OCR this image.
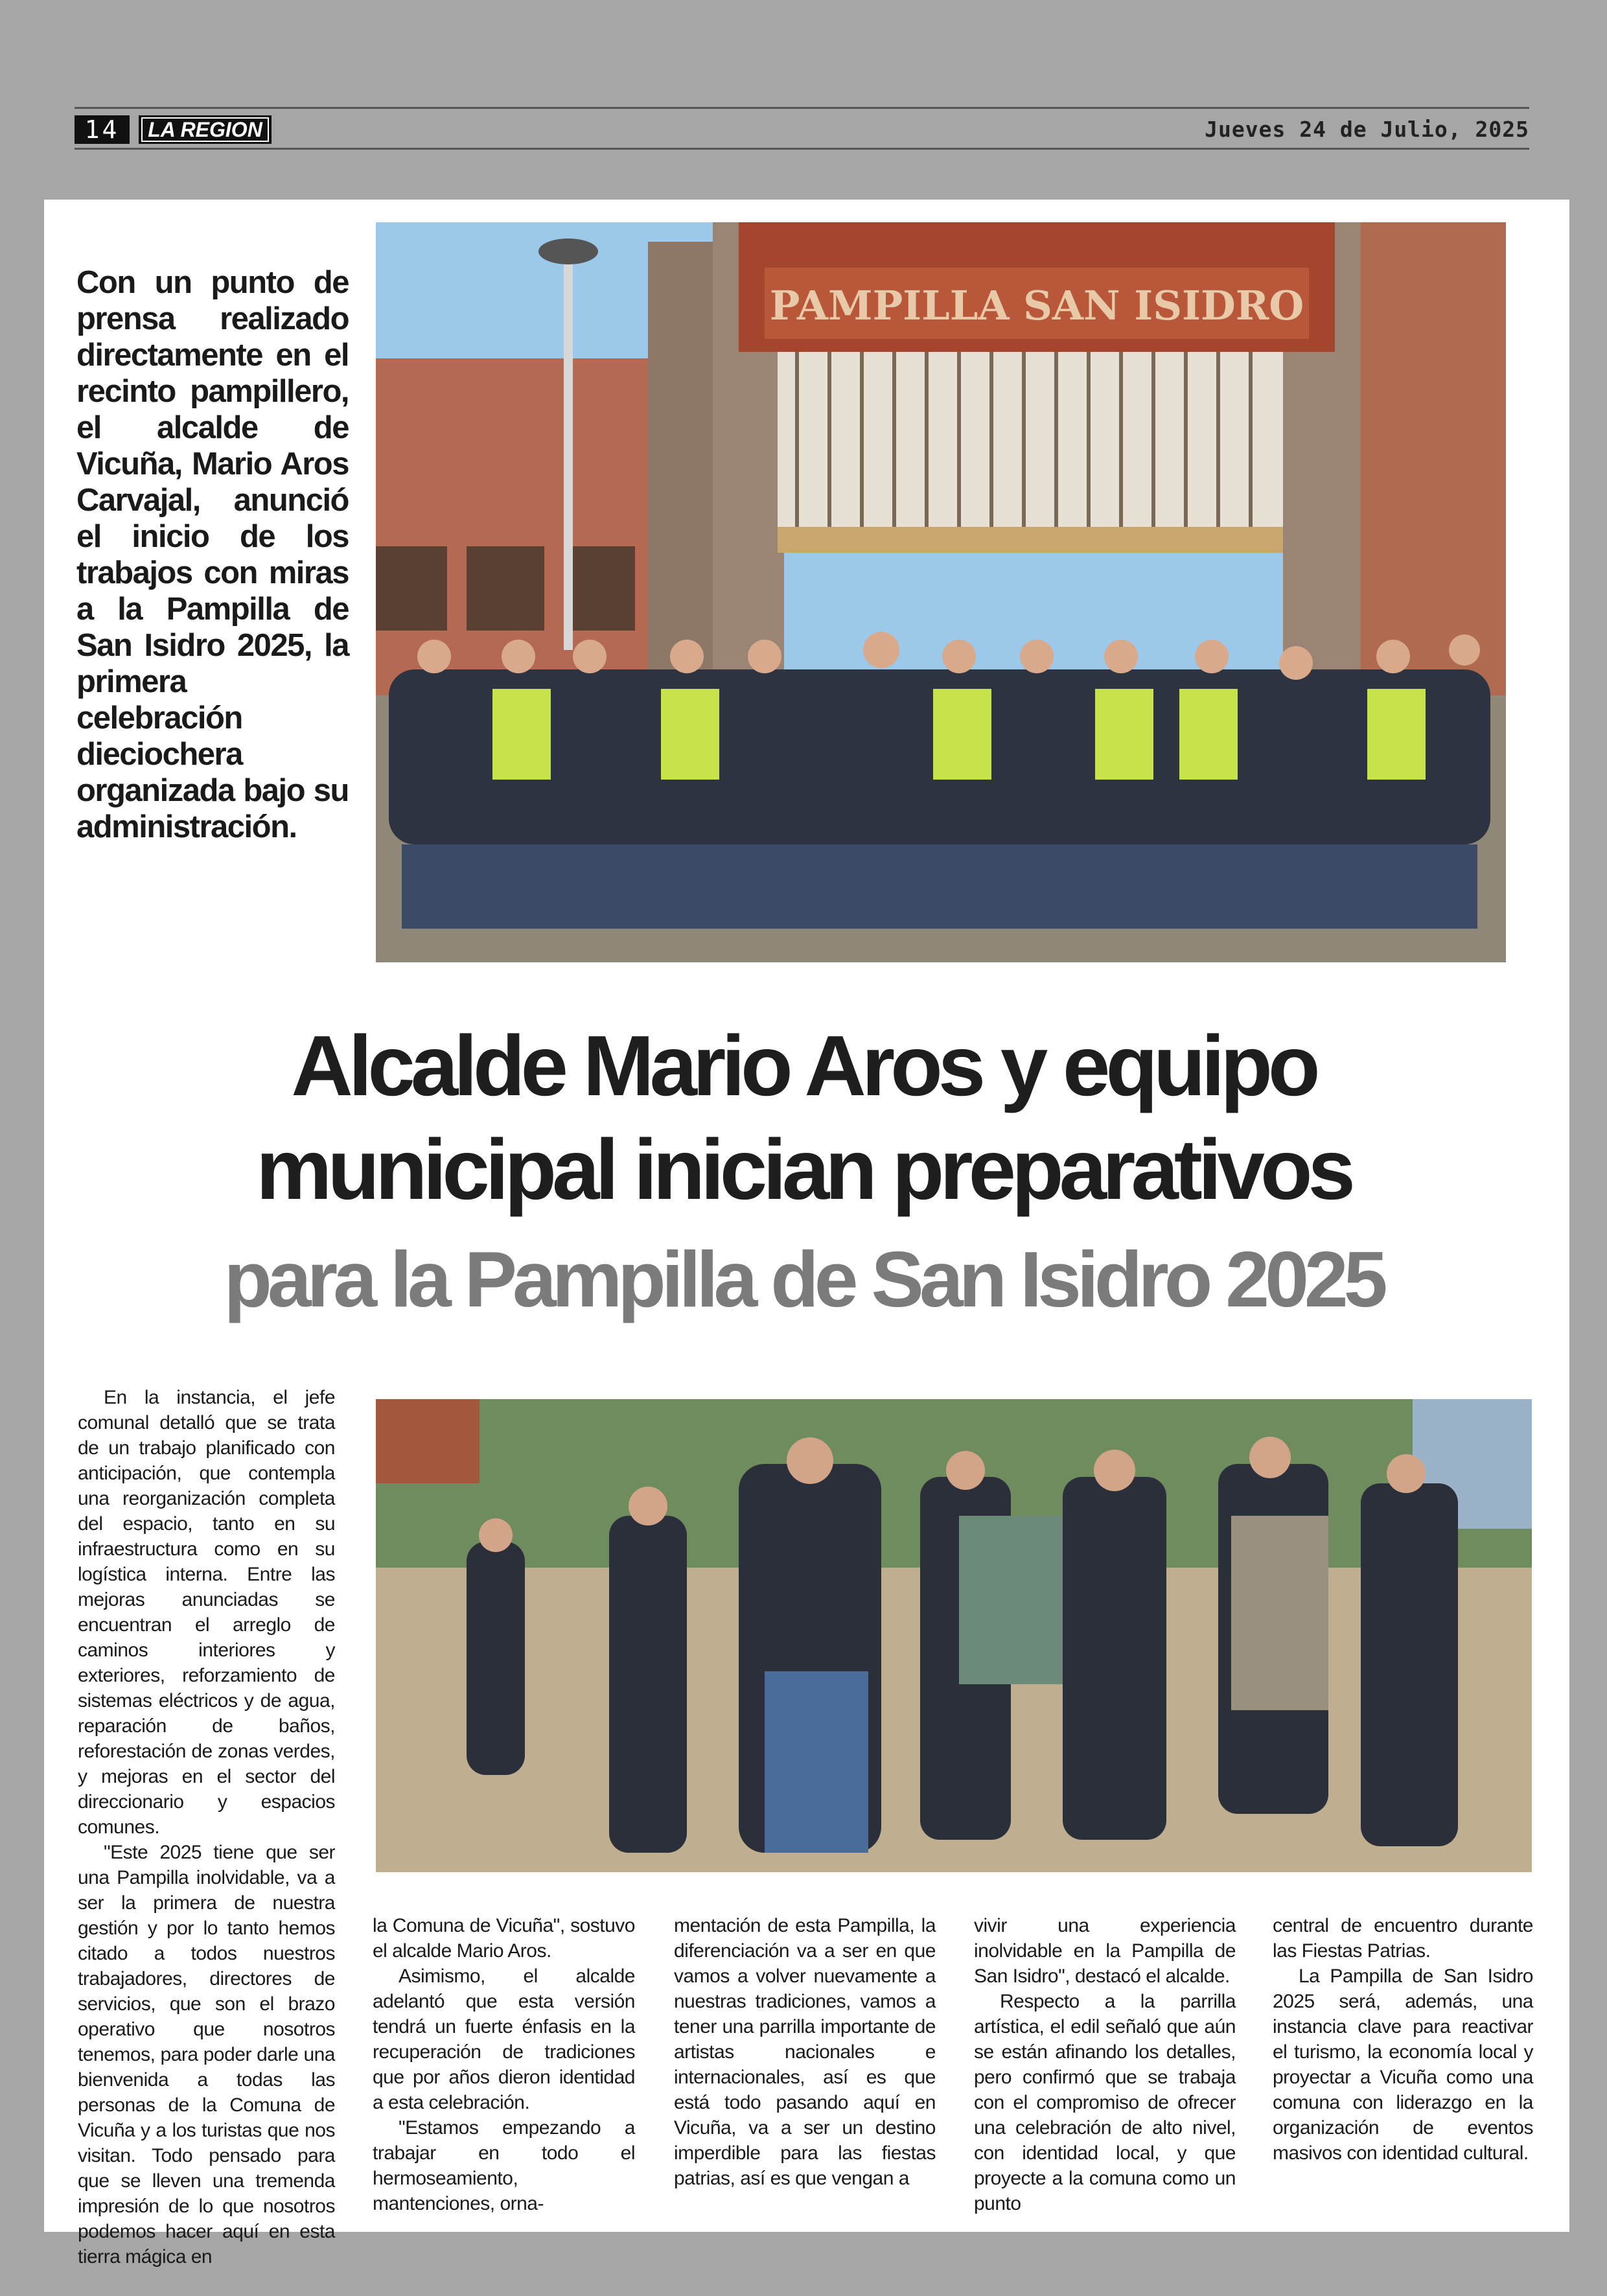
14	LA REGION	Jueves 24 de Julio, 2025
Con un punto de prensa realizado directamente en el recinto pampillero, el alcalde de Vicuña, Mario Aros Carvajal, anunció el inicio de los trabajos con miras a la Pampilla de San Isidro 2025, la primera celebración dieciochera organizada bajo su administración.
PAMPILLA SAN ISIDRO
Alcalde Mario Aros y equipo
municipal inician preparativos
para la Pampilla de San Isidro 2025

En la instancia, el jefe comunal detalló que se trata de un trabajo planificado con anticipación, que contempla una reorganización completa del espacio, tanto en su infraestructura como en su logística interna. Entre las mejoras anunciadas se encuentran el arreglo de caminos interiores y exteriores, reforzamiento de sistemas eléctricos y de agua, reparación de baños, reforestación de zonas verdes, y mejoras en el sector del direccionario y espacios comunes.

"Este 2025 tiene que ser una Pampilla inolvidable, va a ser la primera de nuestra gestión y por lo tanto hemos citado a todos nuestros trabajadores, directores de servicios, que son el brazo operativo que nosotros tenemos, para poder darle una bienvenida a todas las personas de la Comuna de Vicuña y a los turistas que nos visitan. Todo pensado para que se lleven una tremenda impresión de lo que nosotros podemos hacer aquí en esta tierra mágica en

la Comuna de Vicuña", sostuvo el alcalde Mario Aros.

Asimismo, el alcalde adelantó que esta versión tendrá un fuerte énfasis en la recuperación de tradiciones que por años dieron identidad a esta celebración.

"Estamos empezando a trabajar en todo el hermoseamiento, mantenciones, orna-

mentación de esta Pampilla, la diferenciación va a ser en que vamos a volver nuevamente a nuestras tradiciones, vamos a tener una parrilla importante de artistas nacionales e internacionales, así es que está todo pasando aquí en Vicuña, va a ser un destino imperdible para las fiestas patrias, así es que vengan a

vivir una experiencia inolvidable en la Pampilla de San Isidro", destacó el alcalde.

Respecto a la parrilla artística, el edil señaló que aún se están afinando los detalles, pero confirmó que se trabaja con el compromiso de ofrecer una celebración de alto nivel, con identidad local, y que proyecte a la comuna como un punto

central de encuentro durante las Fiestas Patrias.

La Pampilla de San Isidro 2025 será, además, una instancia clave para reactivar el turismo, la economía local y proyectar a Vicuña como una comuna con liderazgo en la organización de eventos masivos con identidad cultural.
